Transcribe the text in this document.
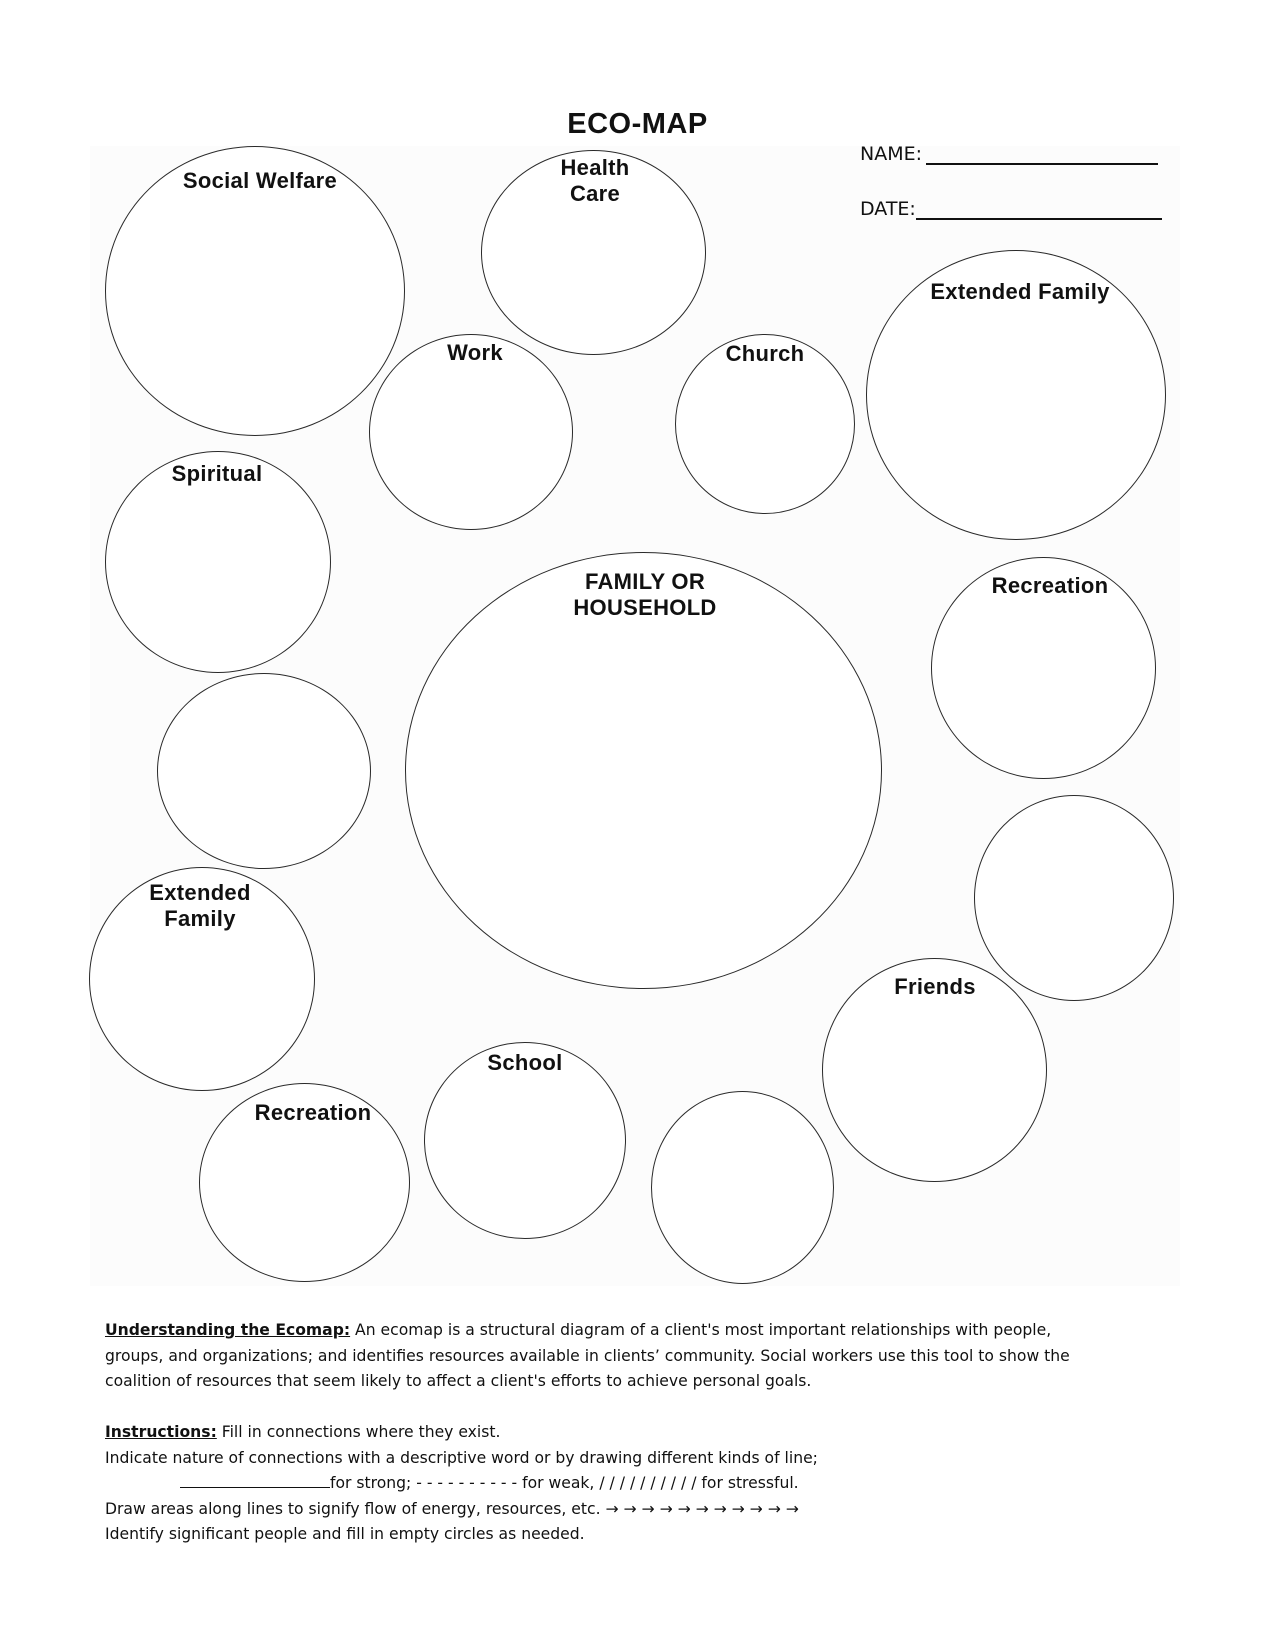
ECO-MAP
NAME:
DATE:
Social Welfare
Health
Care
Work	Church
Extended Family
Spiritual
FAMILY OR
HOUSEHOLD
Recreation
Extended
Family
Friends
School
Recreation

Understanding the Ecomap: An ecomap is a structural diagram of a client's most important relationships with people,

groups, and organizations; and identifies resources available in clients’ community. Social workers use this tool to show the

coalition of resources that seem likely to affect a client's efforts to achieve personal goals.

Instructions: Fill in connections where they exist.

Indicate nature of connections with a descriptive word or by drawing different kinds of line;

for strong; - - - - - - - - - - for weak, / / / / / / / / / / for stressful.

Draw areas along lines to signify flow of energy, resources, etc. → → → → → → → → → → →

Identify significant people and fill in empty circles as needed.
